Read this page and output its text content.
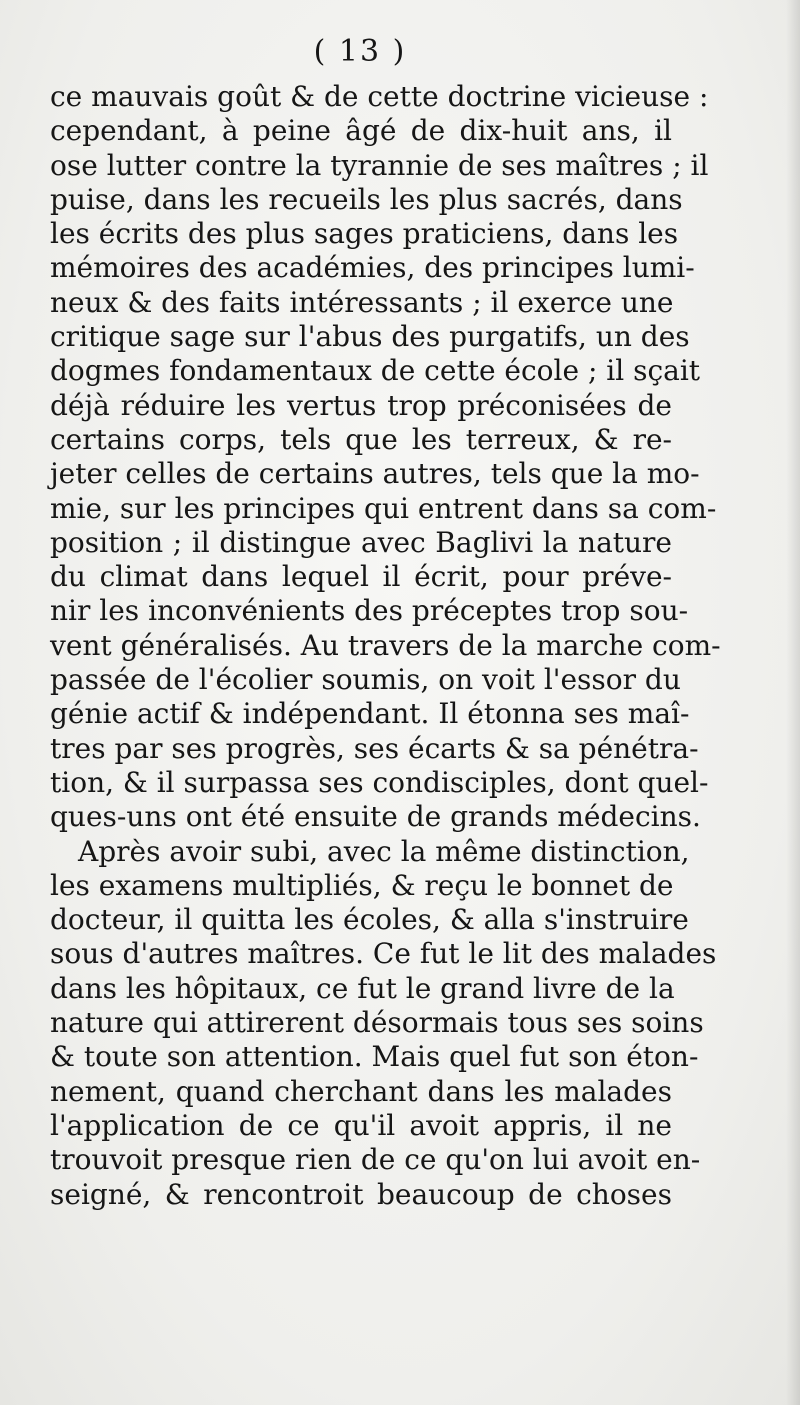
( 13 )
ce mauvais goût & de cette doctrine vicieuse :
cependant, à peine âgé de dix-huit ans, il
ose lutter contre la tyrannie de ses maîtres ; il
puise, dans les recueils les plus sacrés, dans
les écrits des plus sages praticiens, dans les
mémoires des académies, des principes lumi-
neux & des faits intéressants ; il exerce une
critique sage sur l'abus des purgatifs, un des
dogmes fondamentaux de cette école ; il sçait
déjà réduire les vertus trop préconisées de
certains corps, tels que les terreux, & re-
jeter celles de certains autres, tels que la mo-
mie, sur les principes qui entrent dans sa com-
position ; il distingue avec Baglivi la nature
du climat dans lequel il écrit, pour préve-
nir les inconvénients des préceptes trop sou-
vent généralisés. Au travers de la marche com-
passée de l'écolier soumis, on voit l'essor du
génie actif & indépendant. Il étonna ses maî-
tres par ses progrès, ses écarts & sa pénétra-
tion, & il surpassa ses condisciples, dont quel-
ques-uns ont été ensuite de grands médecins.
Après avoir subi, avec la même distinction,
les examens multipliés, & reçu le bonnet de
docteur, il quitta les écoles, & alla s'instruire
sous d'autres maîtres. Ce fut le lit des malades
dans les hôpitaux, ce fut le grand livre de la
nature qui attirerent désormais tous ses soins
& toute son attention. Mais quel fut son éton-
nement, quand cherchant dans les malades
l'application de ce qu'il avoit appris, il ne
trouvoit presque rien de ce qu'on lui avoit en-
seigné, & rencontroit beaucoup de choses
